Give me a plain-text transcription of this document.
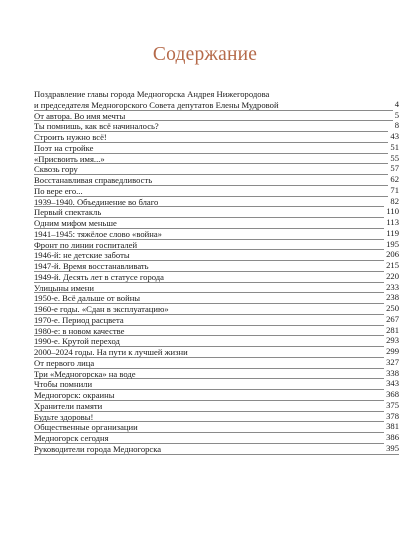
Содержание
Поздравление главы города Медногорска Андрея Нижегородова
и председателя Медногорского Совета депутатов Елены Мудровой	4
От автора. Во имя мечты	5
Ты помнишь, как всё начиналось?	8
Строить нужно всё!	43
Поэт на стройке	51
«Присвоить имя...»	55
Сквозь гору	57
Восстанавливая справедливость	62
По вере его...	71
1939–1940. Объединение во благо	82
Первый спектакль	110
Одним мифом меньше	113
1941–1945: тяжёлое слово «война»	119
Фронт по линии госпиталей	195
1946-й: не детские заботы	206
1947-й. Время восстанавливать	215
1949-й. Десять лет в статусе города	220
Улицыны имени	233
1950-е. Всё дальше от войны	238
1960-е годы. «Сдан в эксплуатацию»	250
1970-е. Период расцвета	267
1980-е: в новом качестве	281
1990-е. Крутой переход	293
2000–2024 годы. На пути к лучшей жизни	299
От первого лица	327
Три «Медногорска» на воде	338
Чтобы помнили	343
Медногорск: окраины	368
Хранители памяти	375
Будьте здоровы!	378
Общественные организации	381
Медногорск сегодня	386
Руководители города Медногорска	395
